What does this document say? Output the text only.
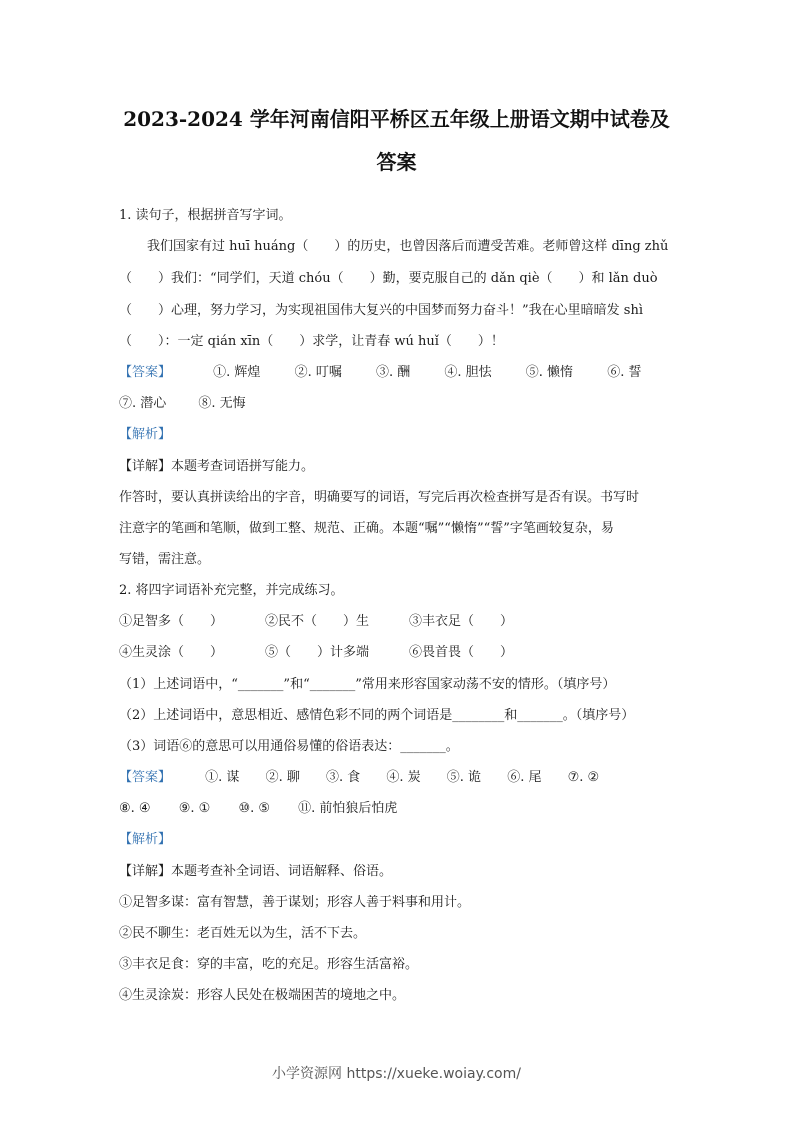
2023-2024 学年河南信阳平桥区五年级上册语文期中试卷及
答案
1. 读句子，根据拼音写字词。
我们国家有过 huī huáng（　　）的历史，也曾因落后而遭受苦难。老师曾这样 dīng zhǔ
（　　）我们：“同学们，天道 chóu（　　）勤，要克服自己的 dǎn qiè（　　）和 lǎn duò
（　　）心理，努力学习，为实现祖国伟大复兴的中国梦而努力奋斗！”我在心里暗暗发 shì
（　　）：一定 qián xīn（　　）求学，让青春 wú huǐ（　　）！
【答案】	①. 辉煌	②. 叮嘱	③. 酬	④. 胆怯	⑤. 懒惰	⑥. 誓
⑦. 潜心 ⑧. 无悔
【解析】
【详解】本题考查词语拼写能力。
作答时，要认真拼读给出的字音，明确要写的词语，写完后再次检查拼写是否有误。书写时
注意字的笔画和笔顺，做到工整、规范、正确。本题“嘱”“懒惰”“誓”字笔画较复杂，易
写错，需注意。
2. 将四字词语补充完整，并完成练习。
①足智多（　　）	②民不（　　）生	③丰衣足（　　）
④生灵涂（　　）	⑤（　　）计多端	⑥畏首畏（　　）
（1）上述词语中，“_______”和“_______”常用来形容国家动荡不安的情形。（填序号）
（2）上述词语中，意思相近、感情色彩不同的两个词语是________和_______。（填序号）
（3）词语⑥的意思可以用通俗易懂的俗语表达：_______。
【答案】	①. 谋 ②. 聊 ③. 食 ④. 炭 ⑤. 诡 ⑥. 尾 ⑦. ②
⑧. ④ ⑨. ① ⑩. ⑤ ⑪. 前怕狼后怕虎
【解析】
【详解】本题考查补全词语、词语解释、俗语。
①足智多谋：富有智慧，善于谋划；形容人善于料事和用计。
②民不聊生：老百姓无以为生，活不下去。
③丰衣足食：穿的丰富，吃的充足。形容生活富裕。
④生灵涂炭：形容人民处在极端困苦的境地之中。
小学资源网 https://xueke.woiay.com/
